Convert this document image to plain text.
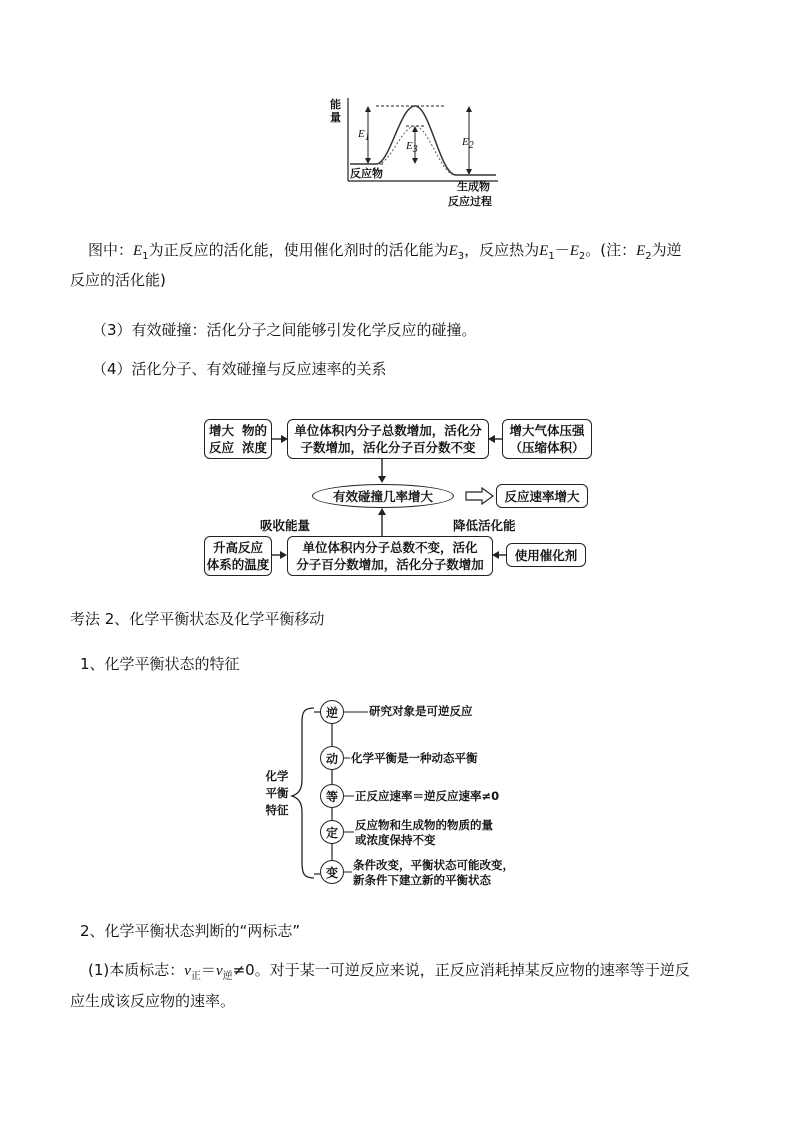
能量
$E_1$	$E_2$
$E_3$
反应物
生成物
反应过程
图中：$E_1$为正反应的活化能，使用催化剂时的活化能为$E_3$，反应热为$E_1-E_2$。(注：$E_2$为逆
反应的活化能)
（3）有效碰撞：活化分子之间能够引发化学反应的碰撞。
（4）活化分子、有效碰撞与反应速率的关系
增大反应
物的浓度
单位体积内分子总数增加，活化分
子数增加，活化分子百分数不变
增大气体压强
（压缩体积）
有效碰撞几率增大	反应速率增大
吸收能量	降低活化能
升高反应
体系的温度
单位体积内分子总数不变，活化
分子百分数增加，活化分子数增加
使用催化剂
考法 2、化学平衡状态及化学平衡移动
1、化学平衡状态的特征
化学
平衡
特征
逆	研究对象是可逆反应
动	化学平衡是一种动态平衡
等	正反应速率＝逆反应速率≠0
定
反应物和生成物的物质的量
或浓度保持不变
变
条件改变，平衡状态可能改变，
新条件下建立新的平衡状态
2、化学平衡状态判断的“两标志”
(1)本质标志：$v_正=v_逆\ne 0$。对于某一可逆反应来说，正反应消耗掉某反应物的速率等于逆反
应生成该反应物的速率。
